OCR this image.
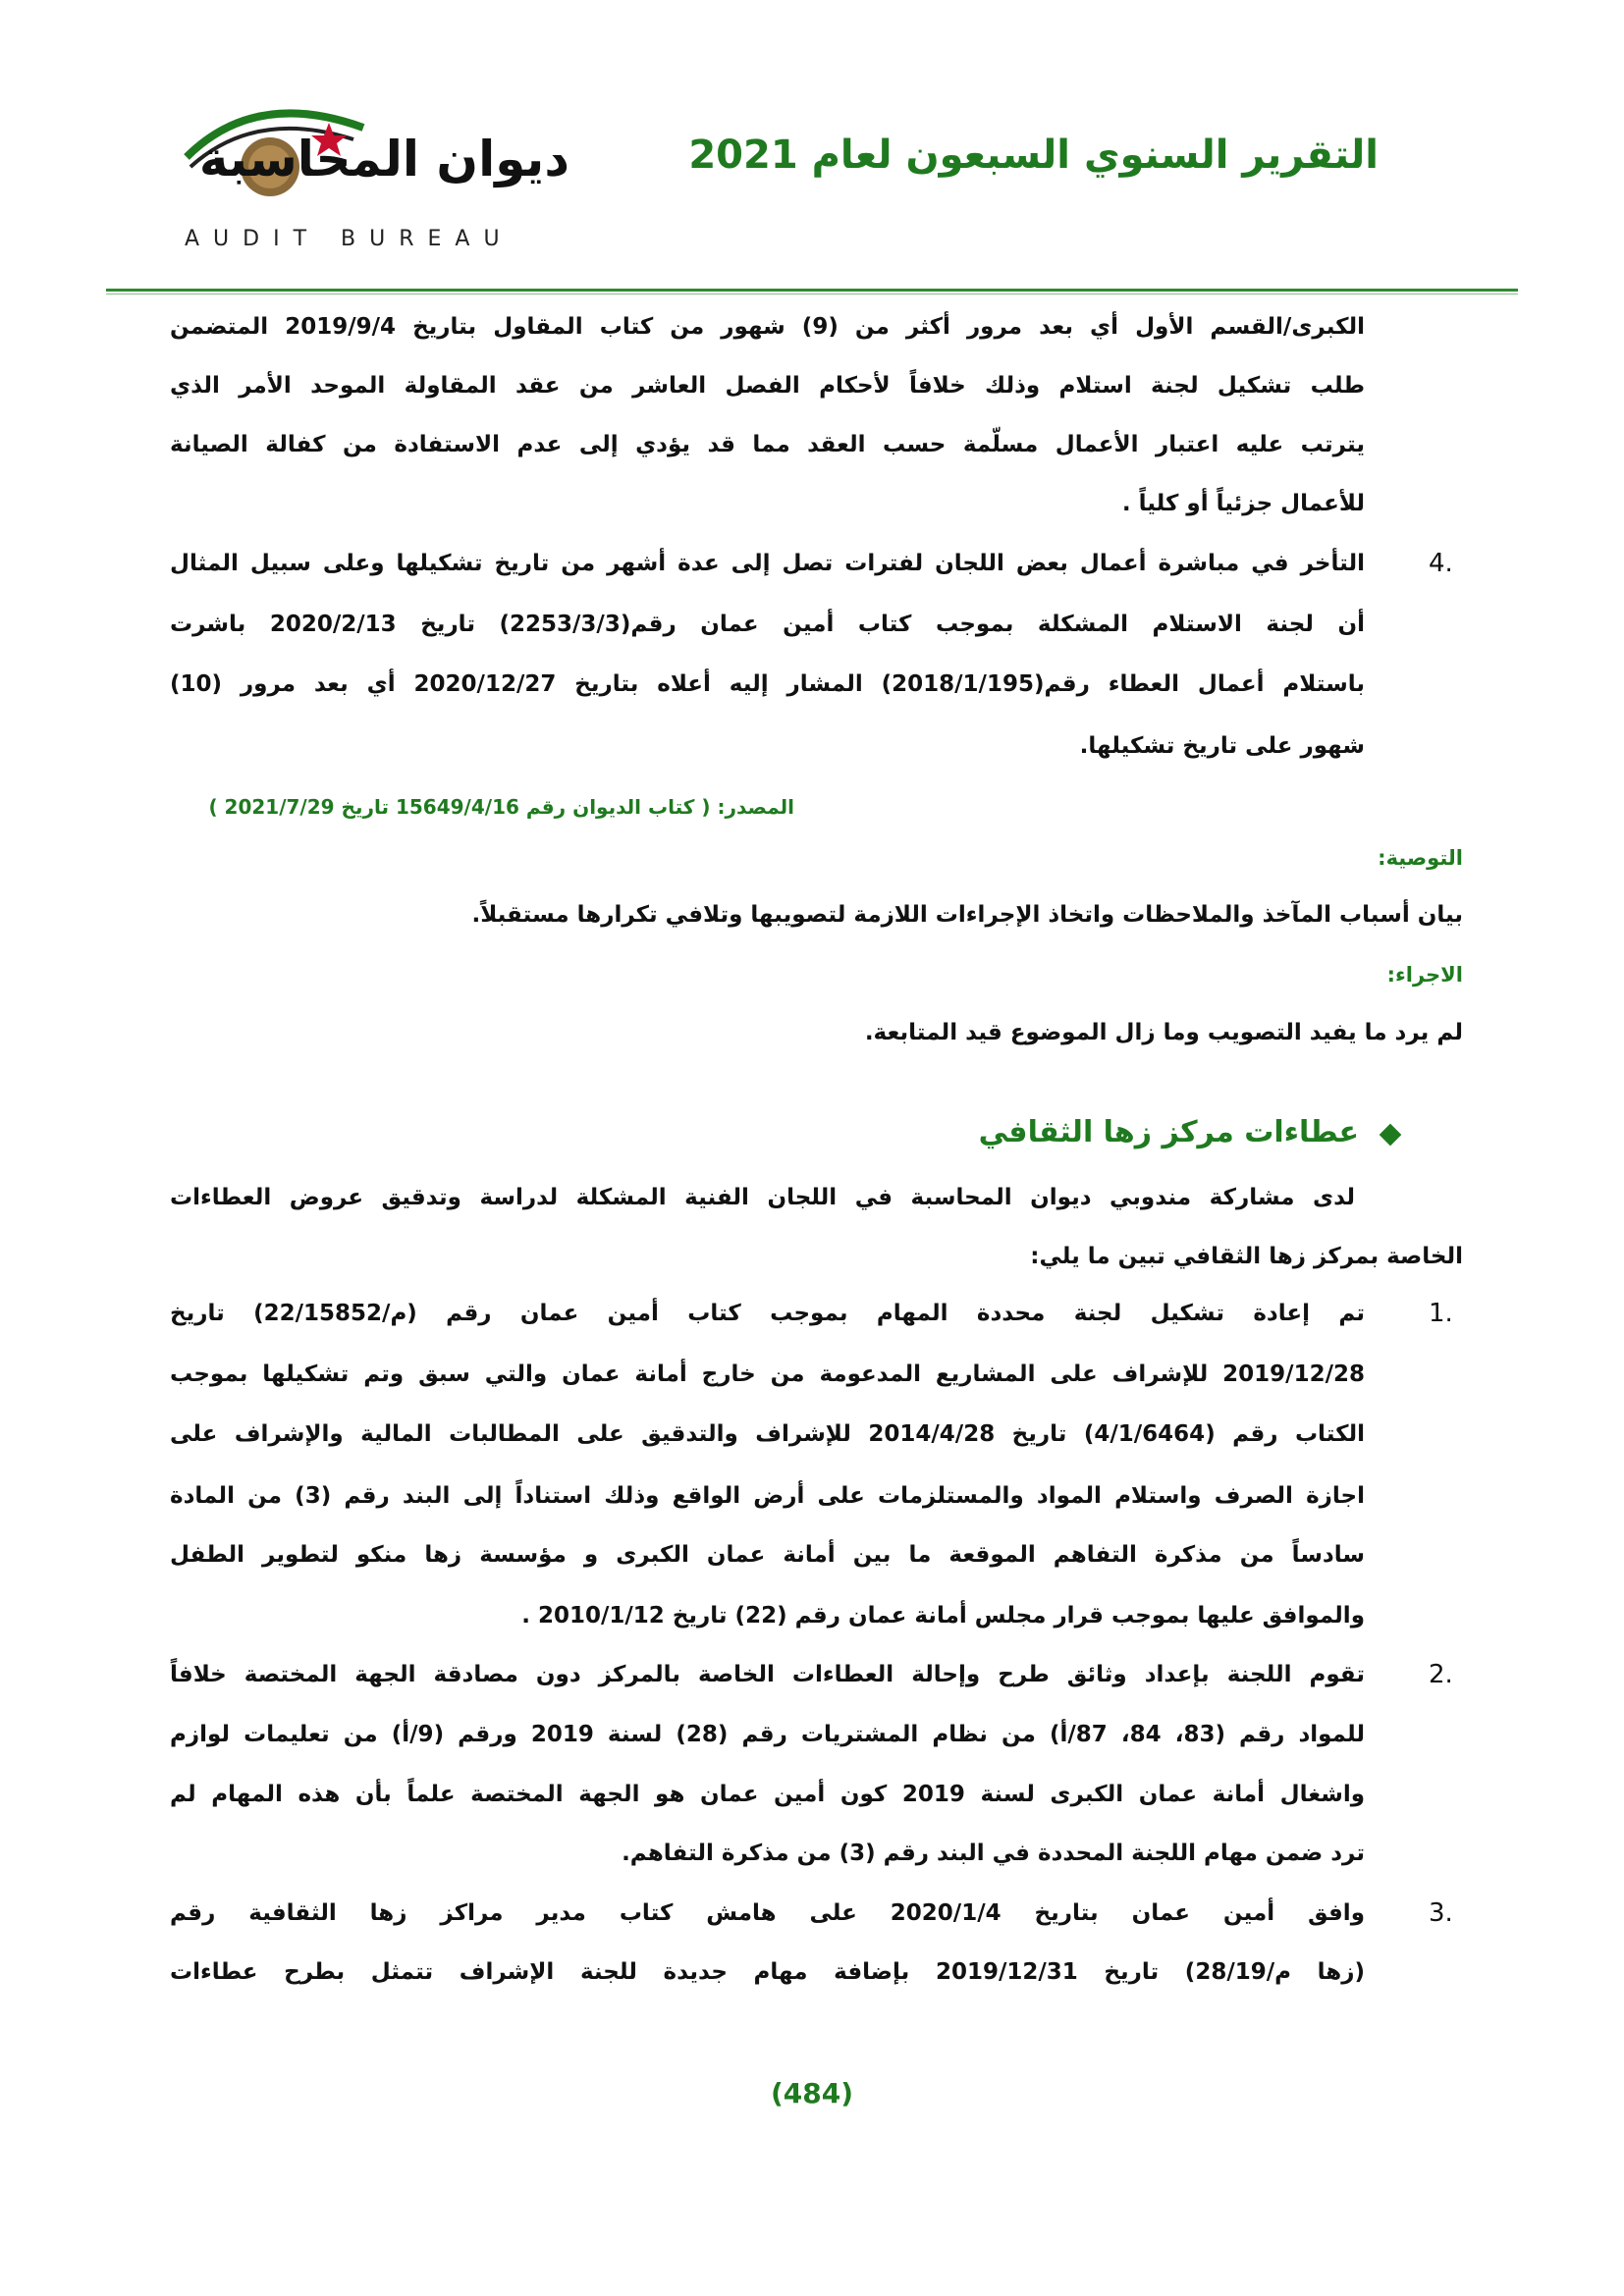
ديوان المحاسبة
AUDIT BUREAU
التقرير السنوي السبعون لعام 2021
الكبرى/القسم الأول أي بعد مرور أكثر من (9) شهور من كتاب المقاول بتاريخ 2019/9/4 المتضمن
طلب تشكيل لجنة استلام وذلك خلافاً لأحكام الفصل العاشر من عقد المقاولة الموحد الأمر الذي
يترتب عليه اعتبار الأعمال مسلّمة حسب العقد مما قد يؤدي إلى عدم الاستفادة من كفالة الصيانة
للأعمال جزئياً أو كلياً .
4.
التأخر في مباشرة أعمال بعض اللجان لفترات تصل إلى عدة أشهر من تاريخ تشكيلها وعلى سبيل المثال
أن لجنة الاستلام المشكلة بموجب كتاب أمين عمان رقم(2253/3/3) تاريخ 2020/2/13 باشرت
باستلام أعمال العطاء رقم(2018/1/195) المشار إليه أعلاه بتاريخ 2020/12/27 أي بعد مرور (10)
شهور على تاريخ تشكيلها.
المصدر: ( كتاب الديوان رقم 15649/4/16 تاريخ 2021/7/29 )
التوصية:
بيان أسباب المآخذ والملاحظات واتخاذ الإجراءات اللازمة لتصويبها وتلافي تكرارها مستقبلاً.
الاجراء:
لم يرد ما يفيد التصويب وما زال الموضوع قيد المتابعة.
عطاءات مركز زها الثقافي
لدى مشاركة مندوبي ديوان المحاسبة في اللجان الفنية المشكلة لدراسة وتدقيق عروض العطاءات
الخاصة بمركز زها الثقافي تبين ما يلي:
1.
تم إعادة تشكيل لجنة محددة المهام بموجب كتاب أمين عمان رقم (م/22/15852) تاريخ
2019/12/28 للإشراف على المشاريع المدعومة من خارج أمانة عمان والتي سبق وتم تشكيلها بموجب
الكتاب رقم (4/1/6464) تاريخ 2014/4/28 للإشراف والتدقيق على المطالبات المالية والإشراف على
اجازة الصرف واستلام المواد والمستلزمات على أرض الواقع وذلك استناداً إلى البند رقم (3) من المادة
سادساً من مذكرة التفاهم الموقعة ما بين أمانة عمان الكبرى و مؤسسة زها منكو لتطوير الطفل
والموافق عليها بموجب قرار مجلس أمانة عمان رقم (22) تاريخ 2010/1/12 .
2.
تقوم اللجنة بإعداد وثائق طرح وإحالة العطاءات الخاصة بالمركز دون مصادقة الجهة المختصة خلافاً
للمواد رقم (83، 84، 87/أ) من نظام المشتريات رقم (28) لسنة 2019 ورقم (9/أ) من تعليمات لوازم
واشغال أمانة عمان الكبرى لسنة 2019 كون أمين عمان هو الجهة المختصة علماً بأن هذه المهام لم
ترد ضمن مهام اللجنة المحددة في البند رقم (3) من مذكرة التفاهم.
3.
وافق أمين عمان بتاريخ 2020/1/4 على هامش كتاب مدير مراكز زها الثقافية رقم
(زها م/28/19) تاريخ 2019/12/31 بإضافة مهام جديدة للجنة الإشراف تتمثل بطرح عطاءات
(484)
